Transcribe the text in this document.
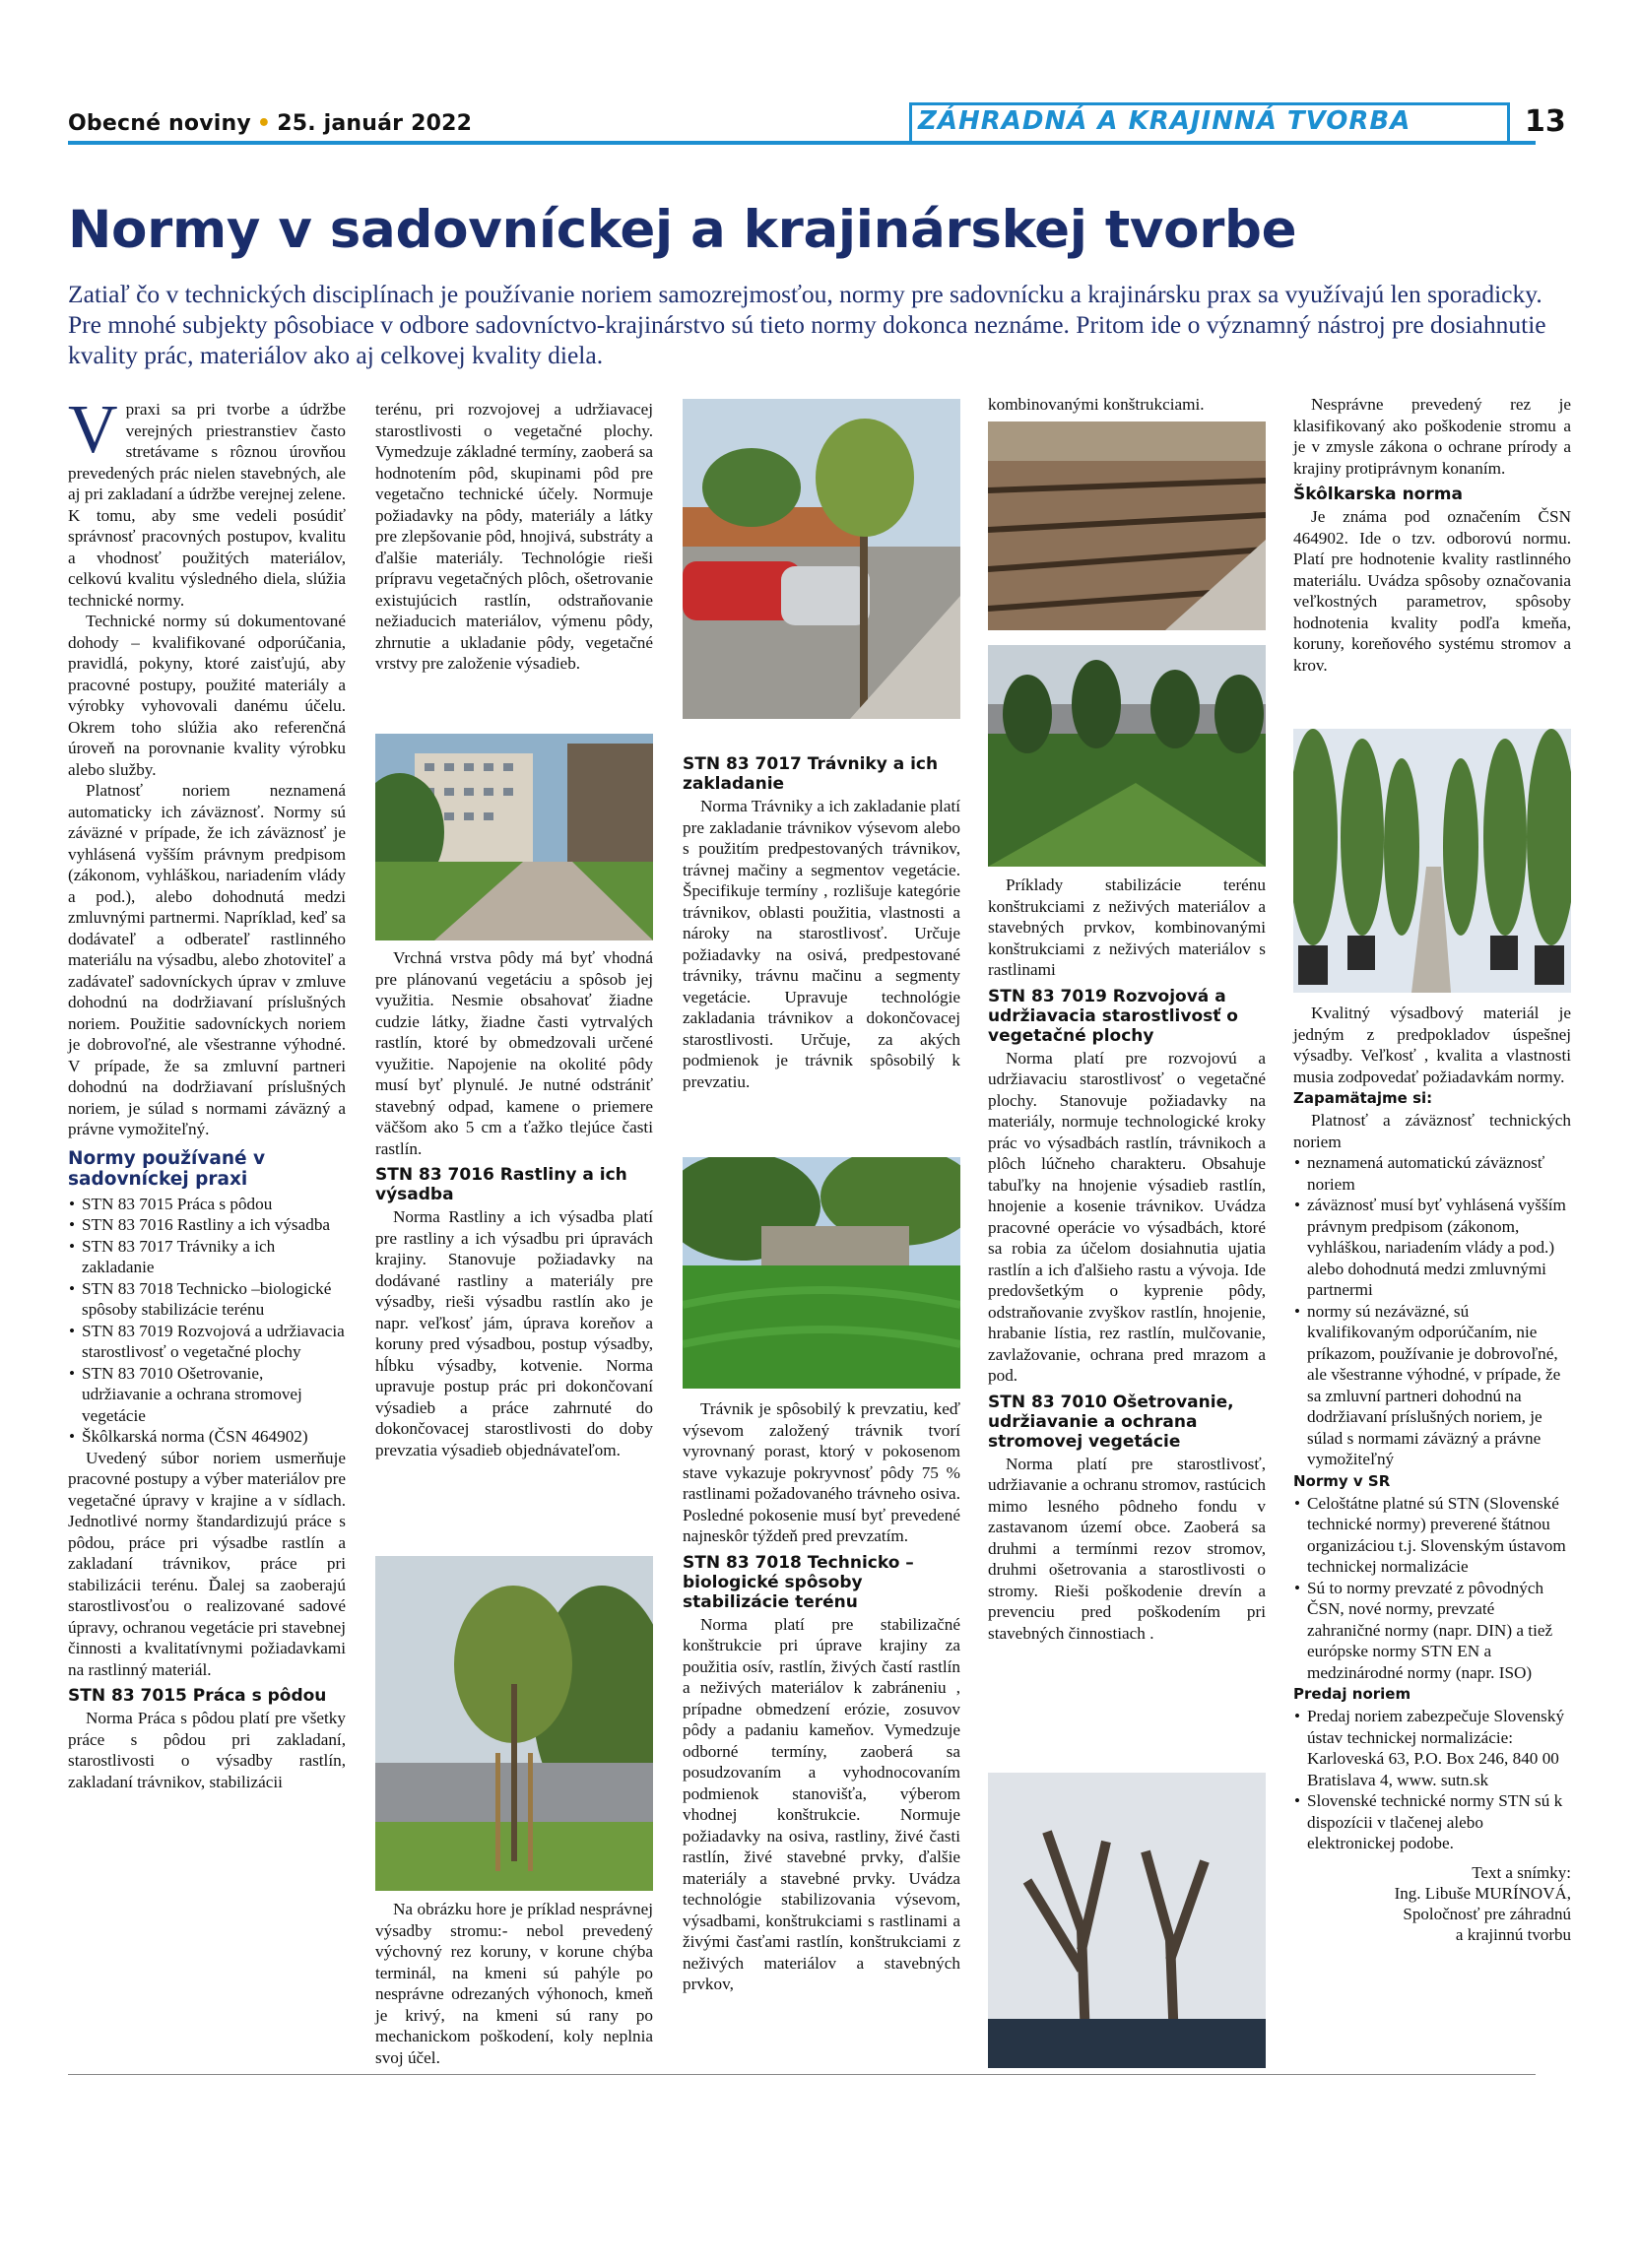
Obecné noviny • 25. január 2022	ZÁHRADNÁ A KRAJINNÁ TVORBA	13
Normy v sadovníckej a krajinárskej tvorbe
Zatiaľ čo v technických disciplínach je používanie noriem samozrejmosťou, normy pre sadovnícku a krajinársku prax sa využívajú len sporadicky. Pre mnohé subjekty pôsobiace v odbore sadovníctvo-krajinárstvo sú tieto normy dokonca neznáme. Pritom ide o významný nástroj pre dosiahnutie kvality prác, materiálov ako aj celkovej kvality diela.

Vpraxi sa pri tvorbe a údržbe verejných priestranstiev často stretávame s rôznou úrovňou prevedených prác nielen stavebných, ale aj pri zakladaní a údržbe verejnej zelene. K tomu, aby sme vedeli posúdiť správnosť pracovných postupov, kvalitu a vhodnosť použitých materiálov, celkovú kvalitu výsledného diela, slúžia technické normy.

Technické normy sú dokumentované dohody – kvalifikované odporúčania, pravidlá, pokyny, ktoré zaisťujú, aby pracovné postupy, použité materiály a výrobky vyhovovali danému účelu. Okrem toho slúžia ako referenčná úroveň na porovnanie kvality výrobku alebo služby.

Platnosť noriem neznamená automaticky ich záväznosť. Normy sú záväzné v prípade, že ich záväznosť je vyhlásená vyšším právnym predpisom (zákonom, vyhláškou, nariadením vlády a pod.), alebo dohodnutá medzi zmluvnými partnermi. Napríklad, keď sa dodávateľ a odberateľ rastlinného materiálu na výsadbu, alebo zhotoviteľ a zadávateľ sadovníckych úprav v zmluve dohodnú na dodržiavaní príslušných noriem. Použitie sadovníckych noriem je dobrovoľné, ale všestranne výhodné. V prípade, že sa zmluvní partneri dohodnú na dodržiavaní príslušných noriem, je súlad s normami záväzný a právne vymožiteľný.

Normy používané v sadovníckej praxi
• STN 83 7015 Práca s pôdou
• STN 83 7016 Rastliny a ich výsadba
• STN 83 7017 Trávniky a ich zakladanie
• STN 83 7018 Technicko –biologické spôsoby stabilizácie terénu
• STN 83 7019 Rozvojová a udržiavacia starostlivosť o vegetačné plochy
• STN 83 7010 Ošetrovanie, udržiavanie a ochrana stromovej vegetácie
• Škôlkarská norma (ČSN 464902)

Uvedený súbor noriem usmerňuje pracovné postupy a výber materiálov pre vegetačné úpravy v krajine a v sídlach. Jednotlivé normy štandardizujú práce s pôdou, práce pri výsadbe rastlín a zakladaní trávnikov, práce pri stabilizácii terénu. Ďalej sa zaoberajú starostlivosťou o realizované sadové úpravy, ochranou vegetácie pri stavebnej činnosti a kvalitatívnymi požiadavkami na rastlinný materiál.

STN 83 7015 Práca s pôdou

Norma Práca s pôdou platí pre všetky práce s pôdou pri zakladaní, starostlivosti o výsadby rastlín, zakladaní trávnikov, stabilizácii

terénu, pri rozvojovej a udržiavacej starostlivosti o vegetačné plochy. Vymedzuje základné termíny, zaoberá sa hodnotením pôd, skupinami pôd pre vegetačno technické účely. Normuje požiadavky na pôdy, materiály a látky pre zlepšovanie pôd, hnojivá, substráty a ďalšie materiály. Technológie rieši prípravu vegetačných plôch, ošetrovanie existujúcich rastlín, odstraňovanie nežiaducich materiálov, výmenu pôdy, zhrnutie a ukladanie pôdy, vegetačné vrstvy pre založenie výsadieb.

Vrchná vrstva pôdy má byť vhodná pre plánovanú vegetáciu a spôsob jej využitia. Nesmie obsahovať žiadne cudzie látky, žiadne časti vytrvalých rastlín, ktoré by obmedzovali určené využitie. Napojenie na okolité pôdy musí byť plynulé. Je nutné odstrániť stavebný odpad, kamene o priemere väčšom ako 5 cm a ťažko tlejúce časti rastlín.

STN 83 7016 Rastliny a ich výsadba

Norma Rastliny a ich výsadba platí pre rastliny a ich výsadbu pri úpravách krajiny. Stanovuje požiadavky na dodávané rastliny a materiály pre výsadby, rieši výsadbu rastlín ako je napr. veľkosť jám, úprava koreňov a koruny pred výsadbou, postup výsadby, hĺbku výsadby, kotvenie. Norma upravuje postup prác pri dokončovaní výsadieb a práce zahrnuté do dokončovacej starostlivosti do doby prevzatia výsadieb objednávateľom.

Na obrázku hore je príklad nesprávnej výsadby stromu:- nebol prevedený výchovný rez koruny, v korune chýba terminál, na kmeni sú pahýle po nesprávne odrezaných výhonoch, kmeň je krivý, na kmeni sú rany po mechanickom poškodení, koly neplnia svoj účel.

STN 83 7017 Trávniky a ich zakladanie

Norma Trávniky a ich zakladanie platí pre zakladanie trávnikov výsevom alebo s použitím predpestovaných trávnikov, trávnej mačiny a segmentov vegetácie. Špecifikuje termíny , rozlišuje kategórie trávnikov, oblasti použitia, vlastnosti a nároky na starostlivosť. Určuje požiadavky na osivá, predpestované trávniky, trávnu mačinu a segmenty vegetácie. Upravuje technológie zakladania trávnikov a dokončovacej starostlivosti. Určuje, za akých podmienok je trávnik spôsobilý k prevzatiu.

Trávnik je spôsobilý k prevzatiu, keď výsevom založený trávnik tvorí vyrovnaný porast, ktorý v pokosenom stave vykazuje pokryvnosť pôdy 75 % rastlinami požadovaného trávneho osiva. Posledné pokosenie musí byť prevedené najneskôr týždeň pred prevzatím.

STN 83 7018 Technicko –biologické spôsoby stabilizácie terénu

Norma platí pre stabilizačné konštrukcie pri úprave krajiny za použitia osív, rastlín, živých častí rastlín a neživých materiálov k zabráneniu , prípadne obmedzení erózie, zosuvov pôdy a padaniu kameňov. Vymedzuje odborné termíny, zaoberá sa posudzovaním a vyhodnocovaním podmienok stanovišťa, výberom vhodnej konštrukcie. Normuje požiadavky na osiva, rastliny, živé časti rastlín, živé stavebné prvky, ďalšie materiály a stavebné prvky. Uvádza technológie stabilizovania výsevom, výsadbami, konštrukciami s rastlinami a živými časťami rastlín, konštrukciami z neživých materiálov a stavebných prvkov,

kombinovanými konštrukciami.

Príklady stabilizácie terénu konštrukciami z neživých materiálov a stavebných prvkov, kombinovanými konštrukciami z neživých materiálov s rastlinami

STN 83 7019 Rozvojová a udržiavacia starostlivosť o vegetačné plochy

Norma platí pre rozvojovú a udržiavaciu starostlivosť o vegetačné plochy. Stanovuje požiadavky na materiály, normuje technologické kroky prác vo výsadbách rastlín, trávnikoch a plôch lúčneho charakteru. Obsahuje tabuľky na hnojenie výsadieb rastlín, hnojenie a kosenie trávnikov. Uvádza pracovné operácie vo výsadbách, ktoré sa robia za účelom dosiahnutia ujatia rastlín a ich ďalšieho rastu a vývoja. Ide predovšetkým o kyprenie pôdy, odstraňovanie zvyškov rastlín, hnojenie, hrabanie lístia, rez rastlín, mulčovanie, zavlažovanie, ochrana pred mrazom a pod.

STN 83 7010 Ošetrovanie, udržiavanie a ochrana stromovej vegetácie

Norma platí pre starostlivosť, udržiavanie a ochranu stromov, rastúcich mimo lesného pôdneho fondu v zastavanom území obce. Zaoberá sa druhmi a termínmi rezov stromov, druhmi ošetrovania a starostlivosti o stromy. Rieši poškodenie drevín a prevenciu pred poškodením pri stavebných činnostiach .

Nesprávne prevedený rez je klasifikovaný ako poškodenie stromu a je v zmysle zákona o ochrane prírody a krajiny protiprávnym konaním.

Škôlkarska norma

Je známa pod označením ČSN 464902. Ide o tzv. odborovú normu. Platí pre hodnotenie kvality rastlinného materiálu. Uvádza spôsoby označovania veľkostných parametrov, spôsoby hodnotenia kvality podľa kmeňa, koruny, koreňového systému stromov a krov.

Kvalitný výsadbový materiál je jedným z predpokladov úspešnej výsadby. Veľkosť , kvalita a vlastnosti musia zodpovedať požiadavkám normy.

Zapamätajme si:

Platnosť a záväznosť technických noriem

• neznamená automatickú záväznosť noriem
• záväznosť musí byť vyhlásená vyšším právnym predpisom (zákonom, vyhláškou, nariadením vlády a pod.) alebo dohodnutá medzi zmluvnými partnermi
• normy sú nezáväzné, sú kvalifikovaným odporúčaním, nie príkazom, používanie je dobrovoľné, ale všestranne výhodné, v prípade, že sa zmluvní partneri dohodnú na dodržiavaní príslušných noriem, je súlad s normami záväzný a právne vymožiteľný
Normy v SR
• Celoštátne platné sú STN (Slovenské technické normy) preverené štátnou organizáciou t.j. Slovenským ústavom technickej normalizácie
• Sú to normy prevzaté z pôvodných ČSN, nové normy, prevzaté zahraničné normy (napr. DIN) a tiež európske normy STN EN a medzinárodné normy (napr. ISO)
Predaj noriem
• Predaj noriem zabezpečuje Slovenský ústav technickej normalizácie: Karloveská 63, P.O. Box 246, 840 00 Bratislava 4, www. sutn.sk
• Slovenské technické normy STN sú k dispozícii v tlačenej alebo elektronickej podobe.
Text a snímky:
Ing. Libuše MURÍNOVÁ,
Spoločnosť pre záhradnú
a krajinnú tvorbu
